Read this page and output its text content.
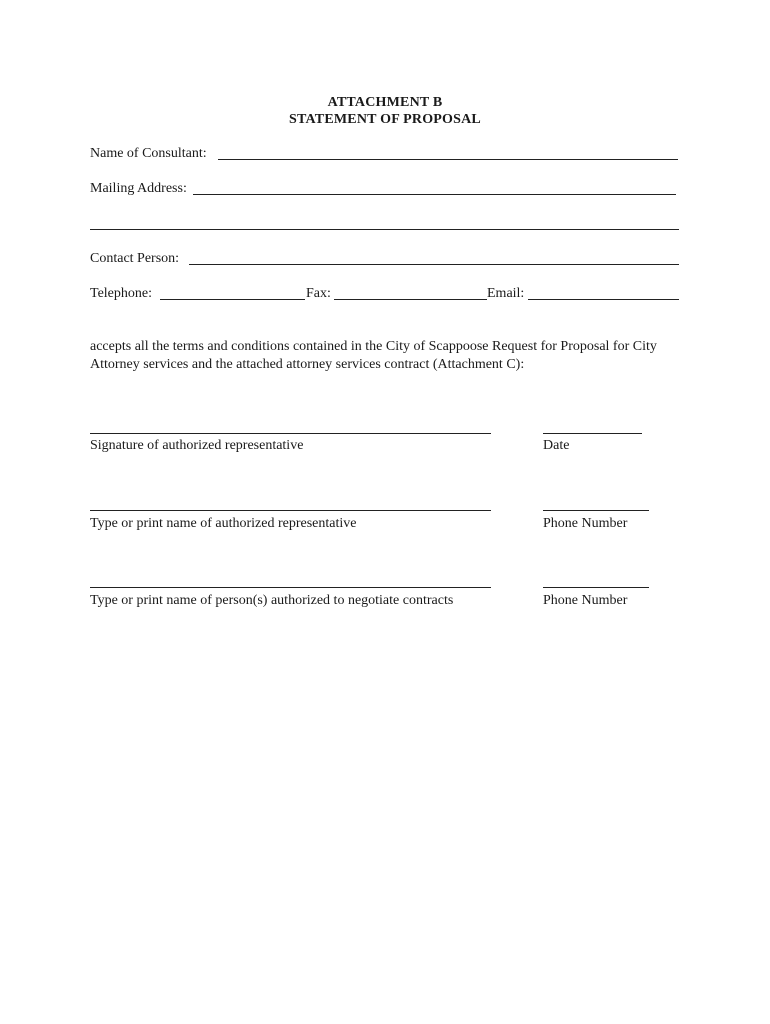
ATTACHMENT B
STATEMENT OF PROPOSAL
Name of Consultant:
Mailing Address:
Contact Person:
Telephone:	Fax:	Email:
accepts all the terms and conditions contained in the City of Scappoose Request for Proposal for City
Attorney services and the attached attorney services contract (Attachment C):
Signature of authorized representative	Date
Type or print name of authorized representative	Phone Number
Type or print name of person(s) authorized to negotiate contracts	Phone Number
